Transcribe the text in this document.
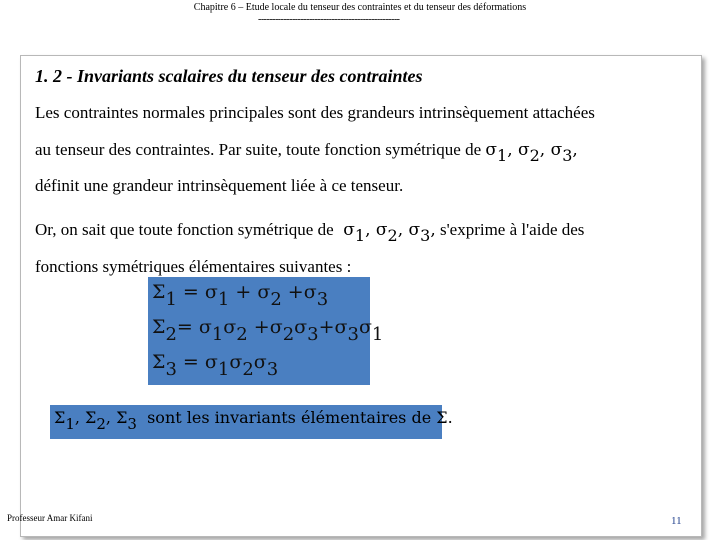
Chapitre 6 – Etude locale du tenseur des contraintes et du tenseur des déformations
--------------------------------------------------
1. 2 - Invariants scalaires du tenseur des contraintes
Les contraintes normales principales sont des grandeurs intrinsèquement attachées
au tenseur des contraintes. Par suite, toute fonction symétrique de $\sigma_1$, $\sigma_2$, $\sigma_3$,
définit une grandeur intrinsèquement liée à ce tenseur.
Or, on sait que toute fonction symétrique de $\sigma_1$, $\sigma_2$, $\sigma_3$, s'exprime à l'aide des
fonctions symétriques élémentaires suivantes :
$\Sigma_1 = \sigma_1 + \sigma_2 +\sigma_3$
$\Sigma_2= \sigma_1\sigma_2 +\sigma_2\sigma_3+\sigma_3\sigma_1$
$\Sigma_3 = \sigma_1\sigma_2\sigma_3$
$\Sigma_1$, $\Sigma_2$, $\Sigma_3$ sont les invariants élémentaires de Σ.
Professeur Amar Kifani	11
